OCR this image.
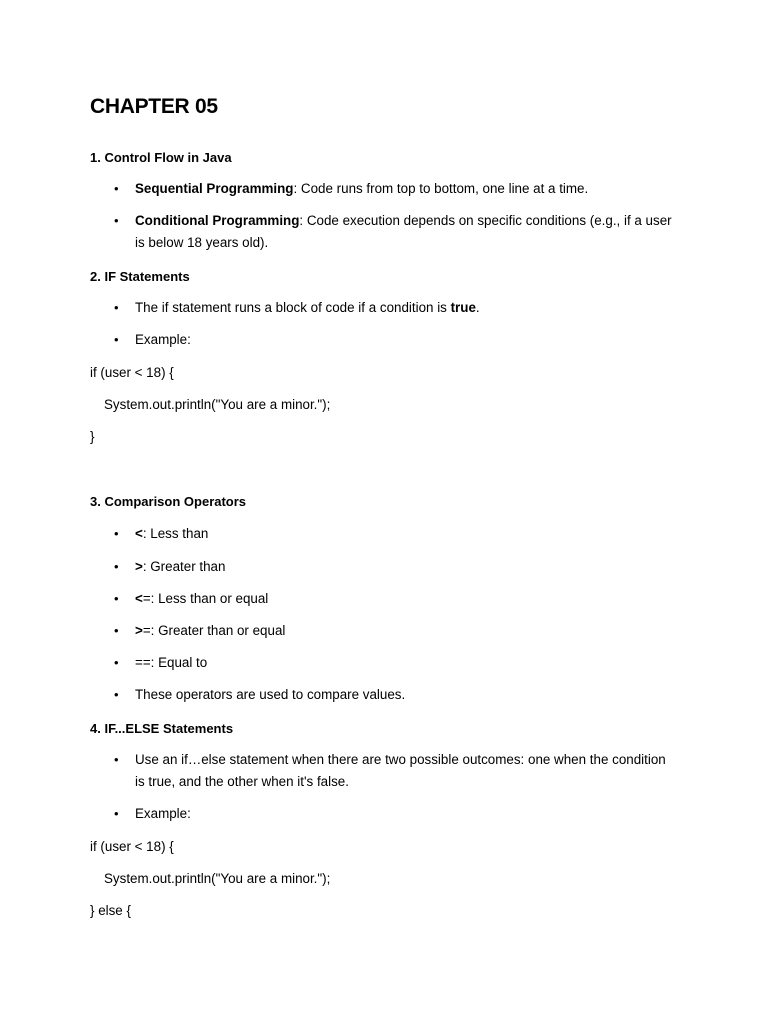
CHAPTER 05

1. Control Flow in Java

• Sequential Programming: Code runs from top to bottom, one line at a time.
• Conditional Programming: Code execution depends on specific conditions (e.g., if a user is below 18 years old).

2. IF Statements

• The if statement runs a block of code if a condition is true.
• Example:

if (user < 18) {

System.out.println("You are a minor.");

}

3. Comparison Operators

• <: Less than
• >: Greater than
• <=: Less than or equal
• >=: Greater than or equal
• ==: Equal to
• These operators are used to compare values.

4. IF...ELSE Statements

• Use an if…else statement when there are two possible outcomes: one when the condition is true, and the other when it's false.
• Example:

if (user < 18) {

System.out.println("You are a minor.");

} else {
